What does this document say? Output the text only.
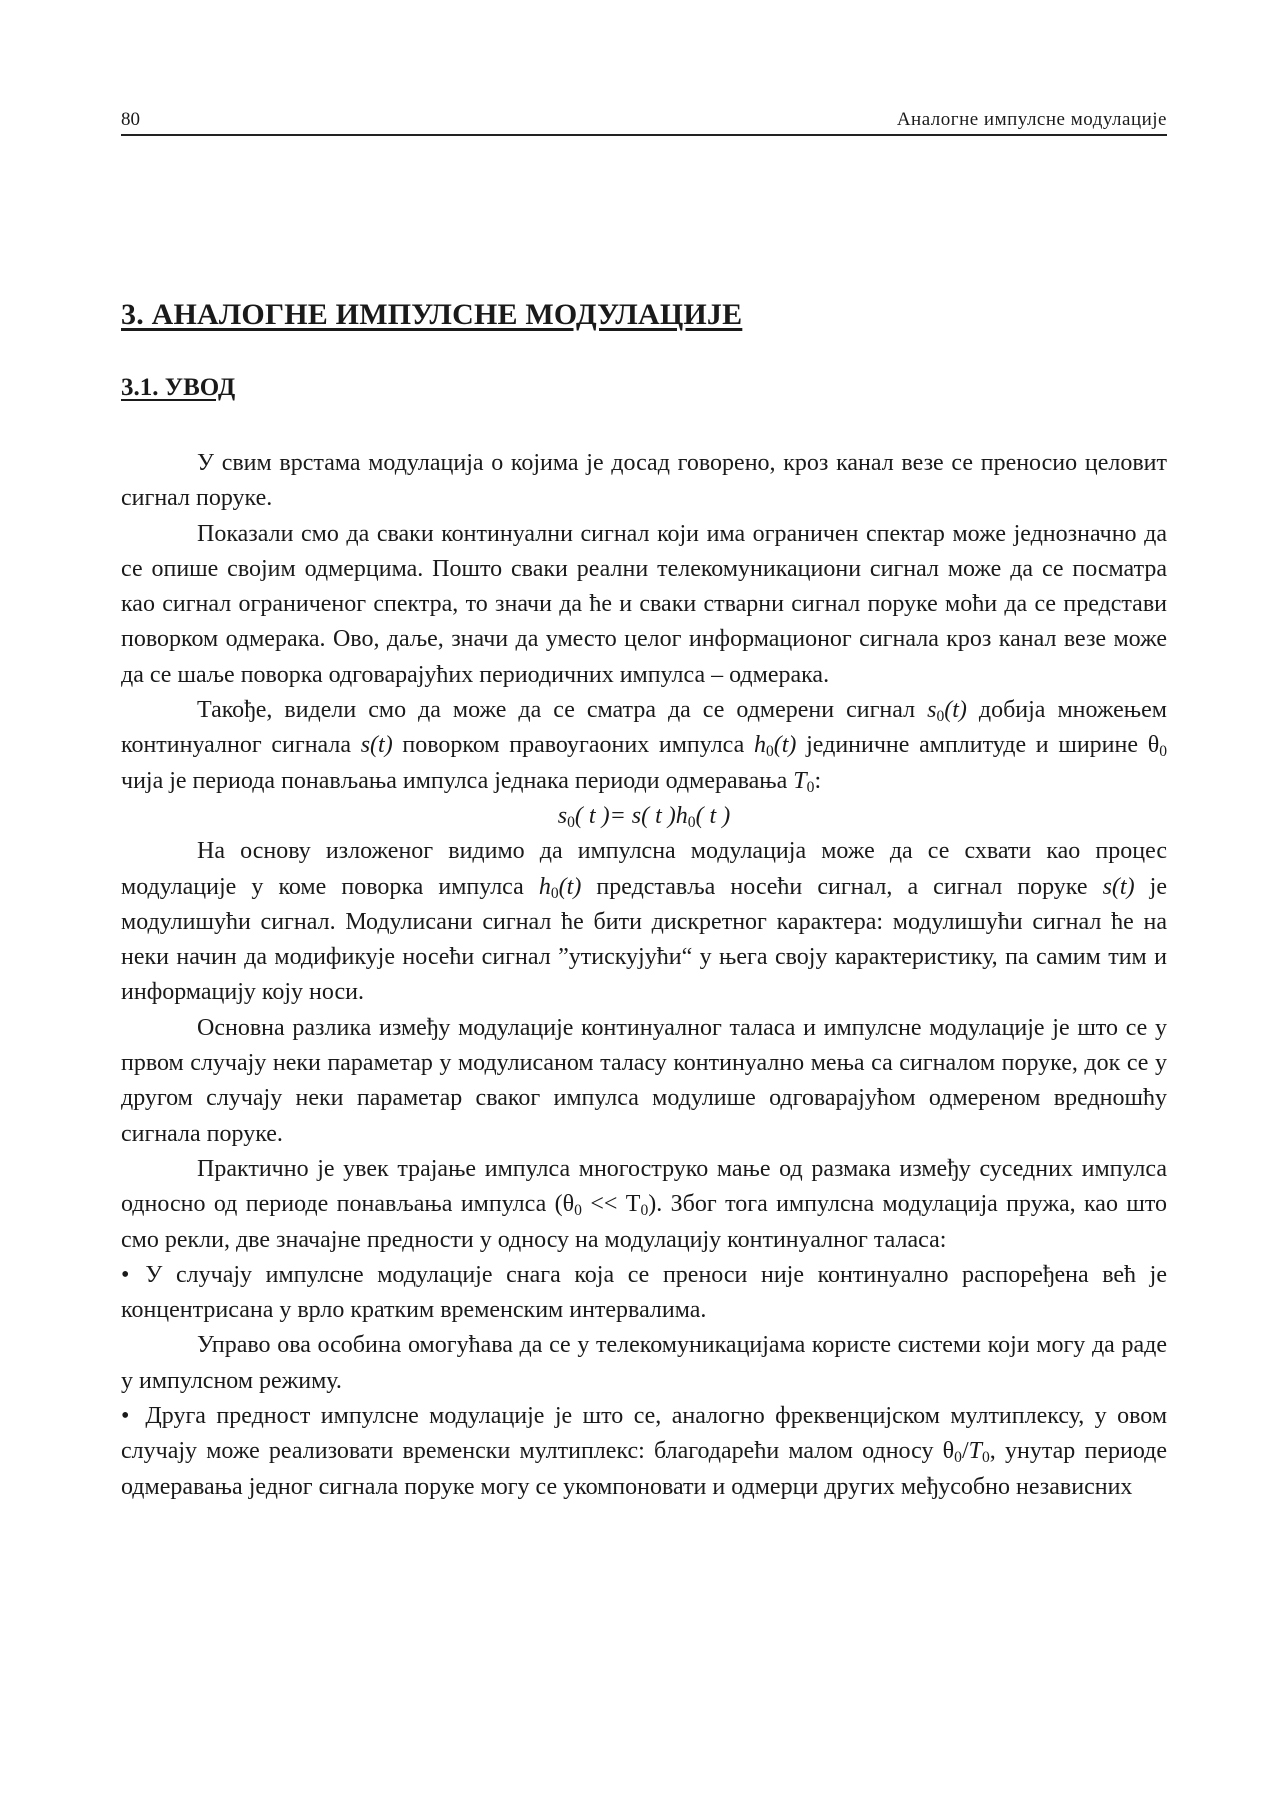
80	Аналогне импулсне модулације
3. АНАЛОГНЕ ИМПУЛСНЕ МОДУЛАЦИЈЕ
3.1. УВОД

У свим врстама модулација о којима је досад говорено, кроз канал везе се преносио целовит сигнал поруке.

Показали смо да сваки континуални сигнал који има ограничен спектар може једнозначно да се опише својим одмерцима. Пошто сваки реални телекомуникациони сигнал може да се посматра као сигнал ограниченог спектра, то значи да ће и сваки стварни сигнал поруке моћи да се представи поворком одмерака. Ово, даље, значи да уместо целог информационог сигнала кроз канал везе може да се шаље поворка одговарајућих периодичних импулса – одмерака.

Такође, видели смо да може да се сматра да се одмерени сигнал $s_0(t)$ добија множењем континуалног сигнала s(t) поворком правоугаоних импулса $h_0(t)$ јединичне амплитуде и ширине $\theta_0$ чија је периода понављања импулса једнака периоди одмеравања $T_0$:

$s_0$( t )= s( t )$h_0$( t )

На основу изложеног видимо да импулсна модулација може да се схвати као процес модулације у коме поворка импулса $h_0(t)$ представља носећи сигнал, а сигнал поруке s(t) је модулишући сигнал. Модулисани сигнал ће бити дискретног карактера: модулишући сигнал ће на неки начин да модификује носећи сигнал ”утискујући“ у њега своју карактеристику, па самим тим и информацију коју носи.

Основна разлика између модулације континуалног таласа и импулсне модулације је што се у првом случају неки параметар у модулисаном таласу континуално мења са сигналом поруке, док се у другом случају неки параметар сваког импулса модулише одговарајућом одмереном вредношћу сигнала поруке.

Практично је увек трајање импулса многоструко мање од размака између суседних импулса односно од периоде понављања импулса $(\theta_0 << T_0)$. Због тога импулсна модулација пружа, као што смо рекли, две значајне предности у односу на модулацију континуалног таласа:

• У случају импулсне модулације снага која се преноси није континуално распоређена већ је концентрисана у врло кратким временским интервалима.

Управо ова особина омогућава да се у телекомуникацијама користе системи који могу да раде у импулсном режиму.

• Друга предност импулсне модулације је што се, аналогно фреквенцијском мултиплексу, у овом случају може реализовати временски мултиплекс: благодарећи малом односу $\theta_0/T_0$, унутар периоде одмеравања једног сигнала поруке могу се укомпоновати и одмерци других међусобно независних
